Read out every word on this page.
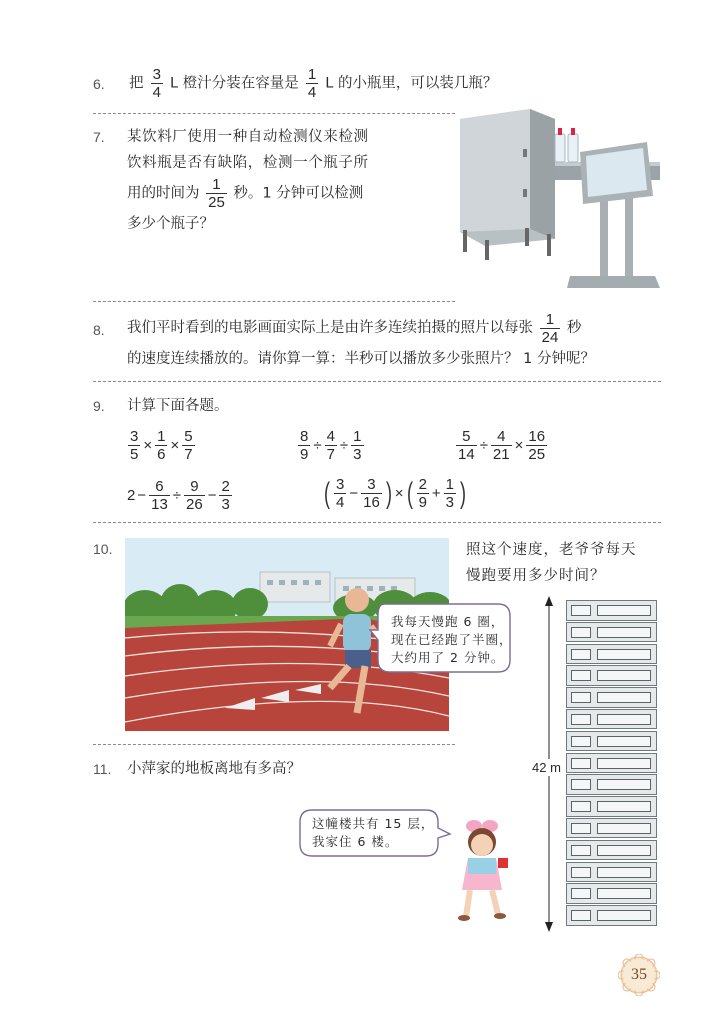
6. 把 $\frac{3}{4}$ L 橙汁分装在容量是 $\frac{1}{4}$ L 的小瓶里，可以装几瓶？
7. 某饮料厂使用一种自动检测仪来检测
饮料瓶是否有缺陷，检测一个瓶子所
用的时间为 $\frac{1}{25}$ 秒。1 分钟可以检测
多少个瓶子？
8. 我们平时看到的电影画面实际上是由许多连续拍摄的照片以每张 $\frac{1}{24}$ 秒
的速度连续播放的。请你算一算：半秒可以播放多少张照片？ 1 分钟呢？
9. 计算下面各题。
$\frac{3}{5} \times \frac{1}{6} \times \frac{5}{7}$	$\frac{8}{9} \div \frac{4}{7} \div \frac{1}{3}$	$\frac{5}{14} \div \frac{4}{21} \times \frac{16}{25}$
$2 - \frac{6}{13} \div \frac{9}{26} - \frac{2}{3}$	( $\frac{3}{4} - \frac{3}{16}$ ) × ( $\frac{2}{9} + \frac{1}{3}$ )
10.
我每天慢跑 6 圈，
现在已经跑了半圈，
大约用了 2 分钟。
照这个速度，老爷爷每天
慢跑要用多少时间？
42 m
11. 小萍家的地板离地有多高？
这幢楼共有 15 层，
我家住 6 楼。
35
